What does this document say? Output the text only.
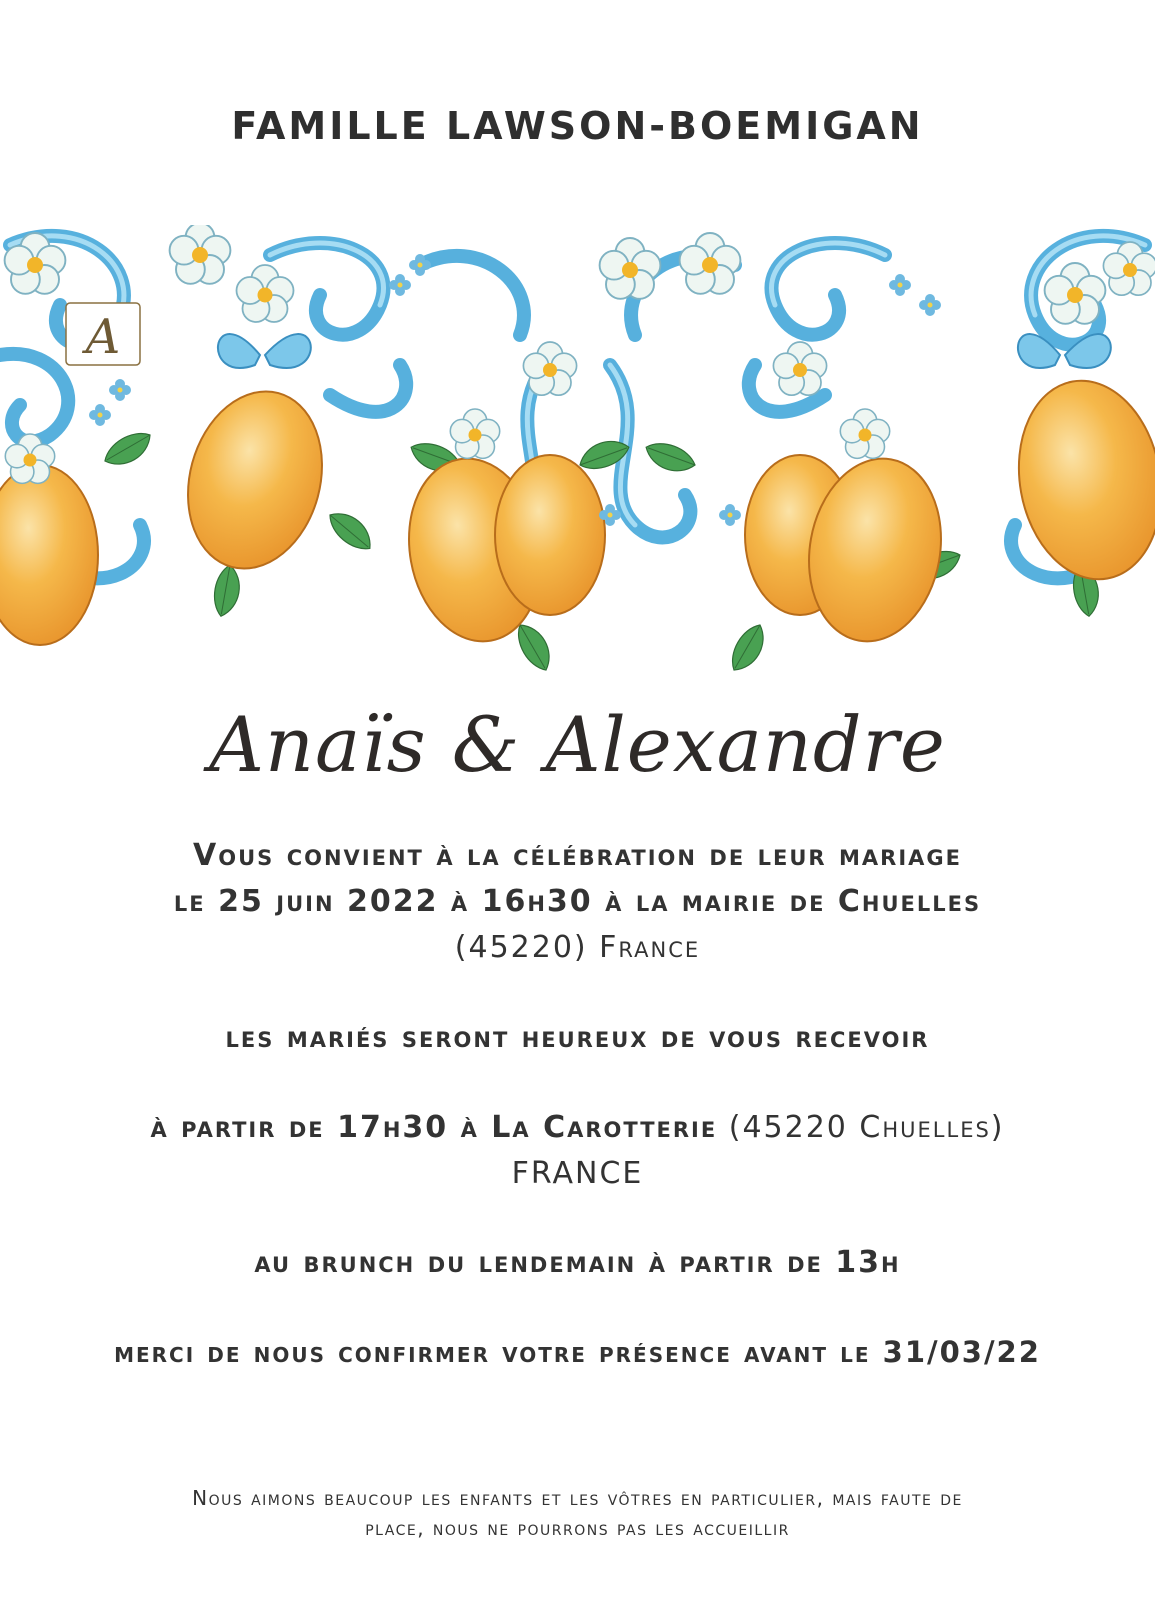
FAMILLE LAWSON-BOEMIGAN
A
Anaïs & Alexandre
Vous convient à la célébration de leur mariage
le 25 juin 2022 à 16h30 à la mairie de Chuelles
(45220) France
les mariés seront heureux de vous recevoir
à partir de 17h30 à La Carotterie (45220 Chuelles)
FRANCE
au brunch du lendemain à partir de 13h
merci de nous confirmer votre présence avant le 31/03/22
Nous aimons beaucoup les enfants et les vôtres en particulier, mais faute de
place, nous ne pourrons pas les accueillir
